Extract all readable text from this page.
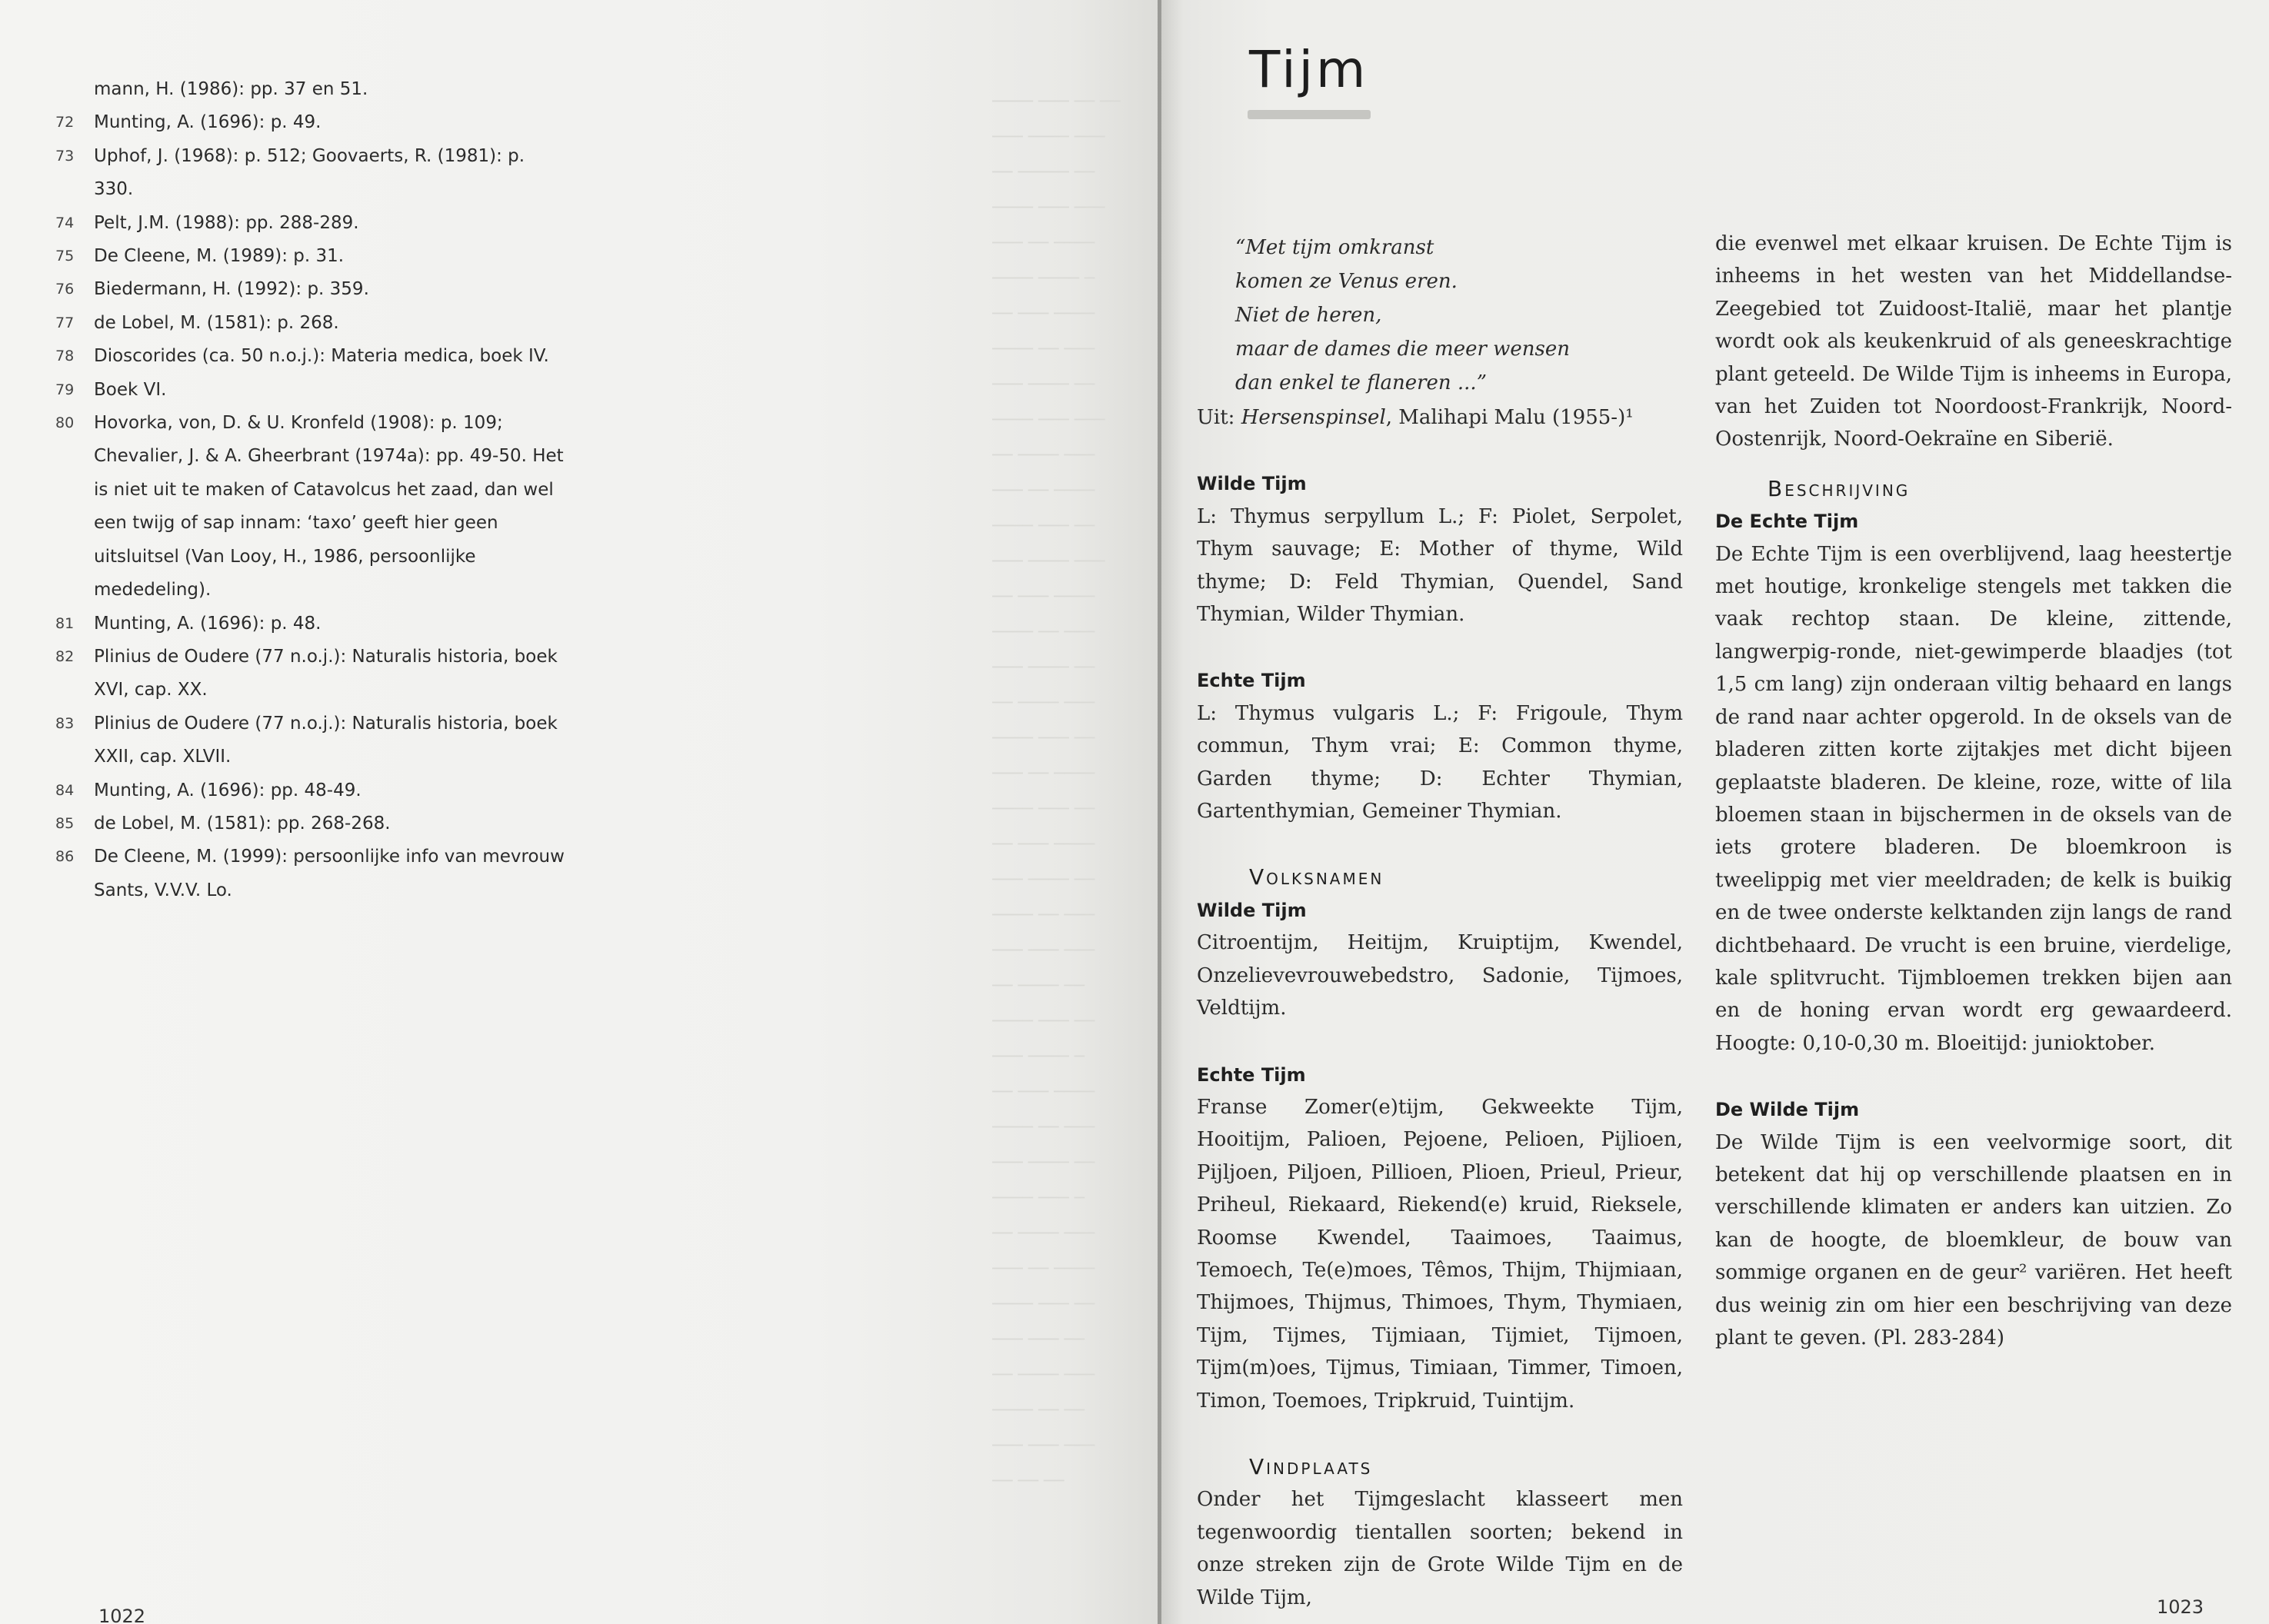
mann, H. (1986): pp. 37 en 51.
72 Munting, A. (1696): p. 49.
73 Uphof, J. (1968): p. 512; Goovaerts, R. (1981): p. 330.
74 Pelt, J.M. (1988): pp. 288-289.
75 De Cleene, M. (1989): p. 31.
76 Biedermann, H. (1992): p. 359.
77 de Lobel, M. (1581): p. 268.
78 Dioscorides (ca. 50 n.o.j.): Materia medica, boek IV.
79 Boek VI.
80 Hovorka, von, D. & U. Kronfeld (1908): p. 109; Chevalier, J. & A. Gheerbrant (1974a): pp. 49-50. Het is niet uit te maken of Catavolcus het zaad, dan wel een twijg of sap innam: ‘taxo’ geeft hier geen uitsluitsel (Van Looy, H., 1986, persoonlijke mededeling).
81 Munting, A. (1696): p. 48.
82 Plinius de Oudere (77 n.o.j.): Naturalis historia, boek XVI, cap. XX.
83 Plinius de Oudere (77 n.o.j.): Naturalis historia, boek XXII, cap. XLVII.
84 Munting, A. (1696): pp. 48-49.
85 de Lobel, M. (1581): pp. 268-268.
86 De Cleene, M. (1999): persoonlijke info van mevrouw Sants, V.V.V. Lo.
──── ─── ── ──
─── ──── ───
── ───── ──
──── ─── ───
─── ── ────
──── ──── ─
── ─── ────
──── ── ───
─── ──── ──
──── ─── ───
── ──── ───
─── ── ────
──── ─── ──
─── ──── ───
── ─── ────
──── ── ───
─── ──── ──
── ──── ───
──── ─── ──
─── ── ────
──── ─── ──
── ─── ────
─── ──── ──
──── ── ───
─── ─── ───
── ──── ──
──── ─── ──
─── ──── ─
── ─── ────
──── ── ───
─── ──── ──
──── ─── ─
── ──── ───
─── ── ────
──── ─── ──
─── ─── ──
── ──── ───
──── ── ──
─── ─── ───
── ── ──
1022
Tijm
“Met tijm omkranst
komen ze Venus eren.
Niet de heren,
maar de dames die meer wensen
dan enkel te flaneren ...”
Uit: Hersenspinsel, Malihapi Malu (1955-)¹
Wilde Tijm
L: Thymus serpyllum L.; F: Piolet, Serpolet, Thym sauvage; E: Mother of thyme, Wild thyme; D: Feld Thymian, Quendel, Sand Thymian, Wilder Thymian.
Echte Tijm
L: Thymus vulgaris L.; F: Frigoule, Thym commun, Thym vrai; E: Common thyme, Garden thyme; D: Echter Thymian, Gartenthymian, Gemeiner Thymian.
Volksnamen
Wilde Tijm
Citroentijm, Heitijm, Kruiptijm, Kwendel, Onzelievevrouwebedstro, Sadonie, Tijmoes, Veldtijm.
Echte Tijm
Franse Zomer(e)tijm, Gekweekte Tijm, Hooitijm, Palioen, Pejoene, Pelioen, Pijlioen, Pijljoen, Piljoen, Pillioen, Plioen, Prieul, Prieur, Priheul, Riekaard, Riekend(e) kruid, Rieksele, Roomse Kwendel, Taaimoes, Taaimus, Temoech, Te(e)moes, Têmos, Thijm, Thijmiaan, Thijmoes, Thijmus, Thimoes, Thym, Thymiaen, Tijm, Tijmes, Tijmiaan, Tijmiet, Tijmoen, Tijm(m)oes, Tijmus, Timiaan, Timmer, Timoen, Timon, Toemoes, Tripkruid, Tuintijm.
Vindplaats
Onder het Tijmgeslacht klasseert men tegenwoordig tientallen soorten; bekend in onze streken zijn de Grote Wilde Tijm en de Wilde Tijm,
die evenwel met elkaar kruisen. De Echte Tijm is inheems in het westen van het Middellandse-Zeegebied tot Zuidoost-Italië, maar het plantje wordt ook als keukenkruid of als geneeskrachtige plant geteeld. De Wilde Tijm is inheems in Europa, van het Zuiden tot Noordoost-Frankrijk, Noord-Oostenrijk, Noord-Oekraïne en Siberië.
Beschrijving
De Echte Tijm
De Echte Tijm is een overblijvend, laag heestertje met houtige, kronkelige stengels met takken die vaak rechtop staan. De kleine, zittende, langwerpig-ronde, niet-gewimperde blaadjes (tot 1,5 cm lang) zijn onderaan viltig behaard en langs de rand naar achter opgerold. In de oksels van de bladeren zitten korte zijtakjes met dicht bijeen geplaatste bladeren. De kleine, roze, witte of lila bloemen staan in bijschermen in de oksels van de iets grotere bladeren. De bloemkroon is tweelippig met vier meeldraden; de kelk is buikig en de twee onderste kelktanden zijn langs de rand dichtbehaard. De vrucht is een bruine, vierdelige, kale splitvrucht. Tijmbloemen trekken bijen aan en de honing ervan wordt erg gewaardeerd. Hoogte: 0,10-0,30 m. Bloeitijd: junioktober.
De Wilde Tijm
De Wilde Tijm is een veelvormige soort, dit betekent dat hij op verschillende plaatsen en in verschillende klimaten er anders kan uitzien. Zo kan de hoogte, de bloemkleur, de bouw van sommige organen en de geur² variëren. Het heeft dus weinig zin om hier een beschrijving van deze plant te geven. (Pl. 283-284)
1023
